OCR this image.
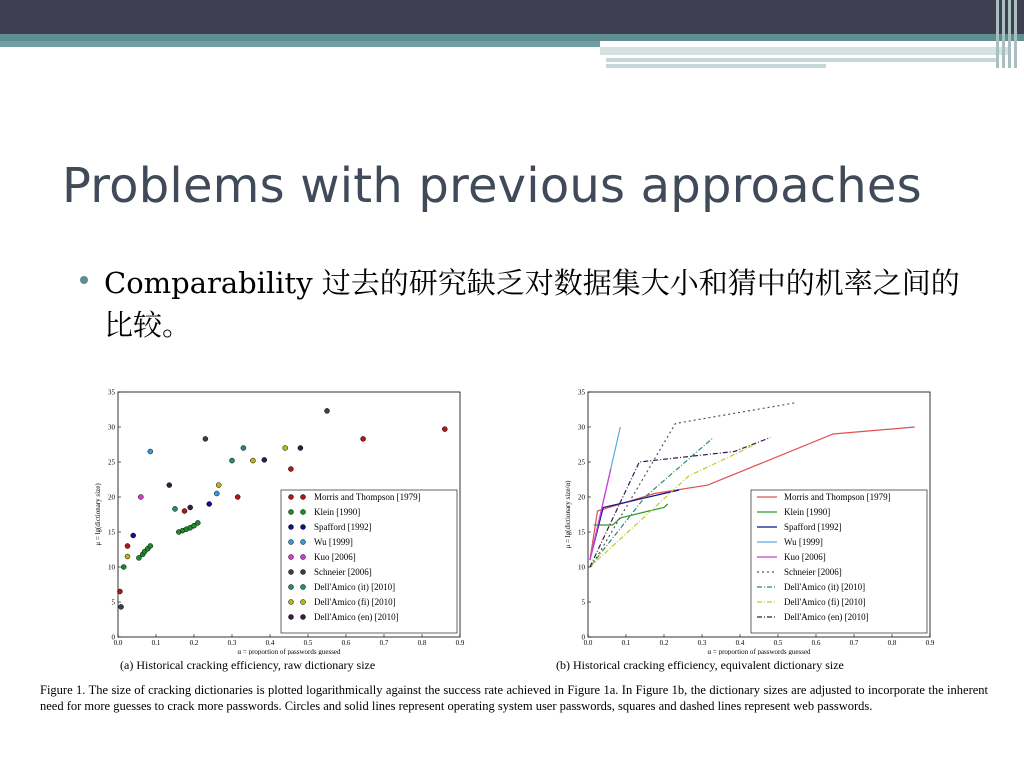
Problems with previous approaches
Comparability 过去的研究缺乏对数据集大小和猜中的机率之间的比较。
0.0	0.1	0.2	0.3	0.4	0.5	0.6	0.7	0.8	0.9
0
5
10
15
20
25
30
35
α = proportion of passwords guessed
μ = lg(dictionary size)	Morris and Thompson [1979]
Klein [1990]
Spafford [1992]
Wu [1999]
Kuo [2006]
Schneier [2006]
Dell'Amico (it) [2010]
Dell'Amico (fi) [2010]
Dell'Amico (en) [2010]
0.0	0.1	0.2	0.3	0.4	0.5	0.6	0.7	0.8	0.9
0
5
10
15
20
25
30
35
α = proportion of passwords guessed
μ = lg(dictionary size/α)	Morris and Thompson [1979]
Klein [1990]
Spafford [1992]
Wu [1999]
Kuo [2006]
Schneier [2006]
Dell'Amico (it) [2010]
Dell'Amico (fi) [2010]
Dell'Amico (en) [2010]
(a) Historical cracking efficiency, raw dictionary size	(b) Historical cracking efficiency, equivalent dictionary size
Figure 1. The size of cracking dictionaries is plotted logarithmically against the success rate achieved in Figure 1a. In Figure 1b, the dictionary sizes are adjusted to incorporate the inherent need for more guesses to crack more passwords. Circles and solid lines represent operating system user passwords, squares and dashed lines represent web passwords.
